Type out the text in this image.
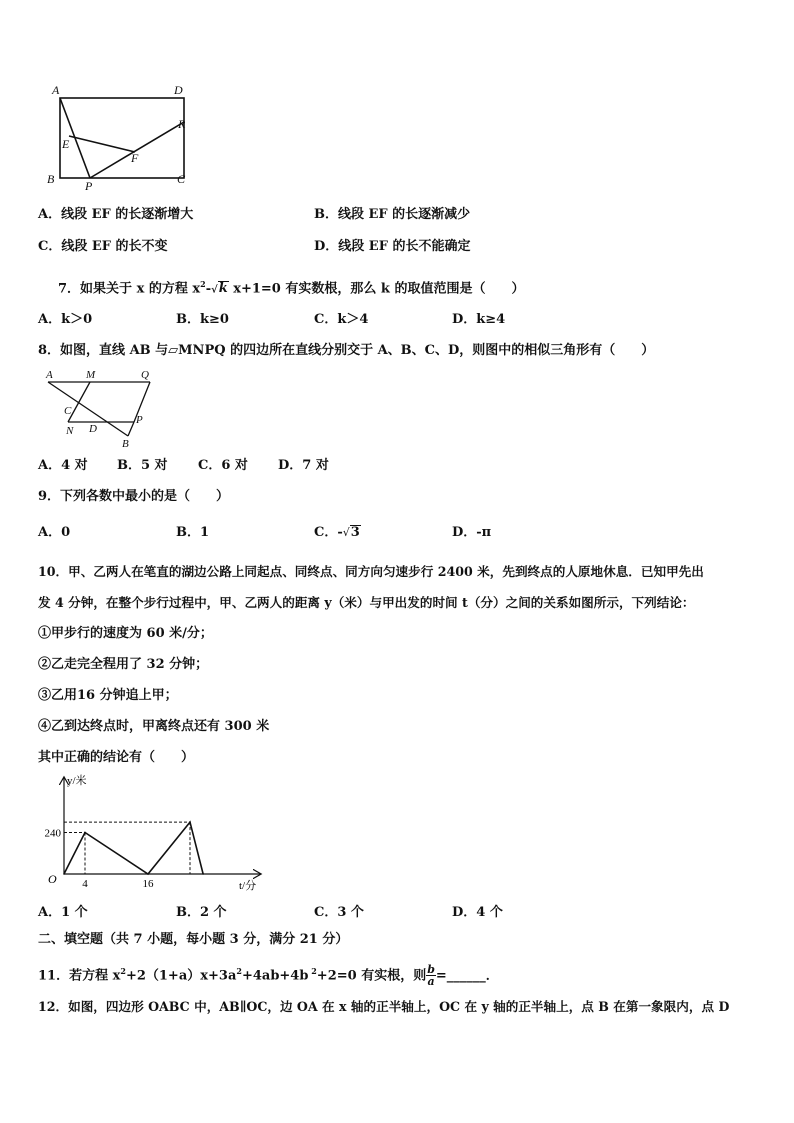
A	D
R
E
F
B	P	C
A．线段 EF 的长逐渐增大	B．线段 EF 的长逐渐减少
C．线段 EF 的长不变	D．线段 EF 的长不能确定
7．如果关于 x 的方程 $x^2-√k$ x+1=0 有实数根，那么 k 的取值范围是（　　）
A．k＞0	B．k≥0	C．k＞4	D．k≥4
8．如图，直线 AB 与▱MNPQ 的四边所在直线分别交于 A、B、C、D，则图中的相似三角形有（　　）
A	M	Q
C
P
N D
B
A．4 对 B．5 对 C．6 对 D．7 对
9．下列各数中最小的是（　　）
A．0	B．1	C．-√3	D．-π
10．甲、乙两人在笔直的湖边公路上同起点、同终点、同方向匀速步行 2400 米，先到终点的人原地休息．已知甲先出
发 4 分钟，在整个步行过程中，甲、乙两人的距离 y（米）与甲出发的时间 t（分）之间的关系如图所示，下列结论：
①甲步行的速度为 60 米/分；
②乙走完全程用了 32 分钟；
③乙用16 分钟追上甲；
④乙到达终点时，甲离终点还有 300 米
其中正确的结论有（　　）
y/米
t/分
O 4	16
240
A．1 个	B．2 个	C．3 个	D．4 个
二、填空题（共 7 小题，每小题 3 分，满分 21 分）
11．若方程 $x^2+2(1+a)x+3a^2+4ab+4b$ $^2$+2=0 有实根，则 $\frac{b}{a}$ =______．
12．如图，四边形 OABC 中，AB∥OC，边 OA 在 x 轴的正半轴上，OC 在 y 轴的正半轴上，点 B 在第一象限内，点 D
